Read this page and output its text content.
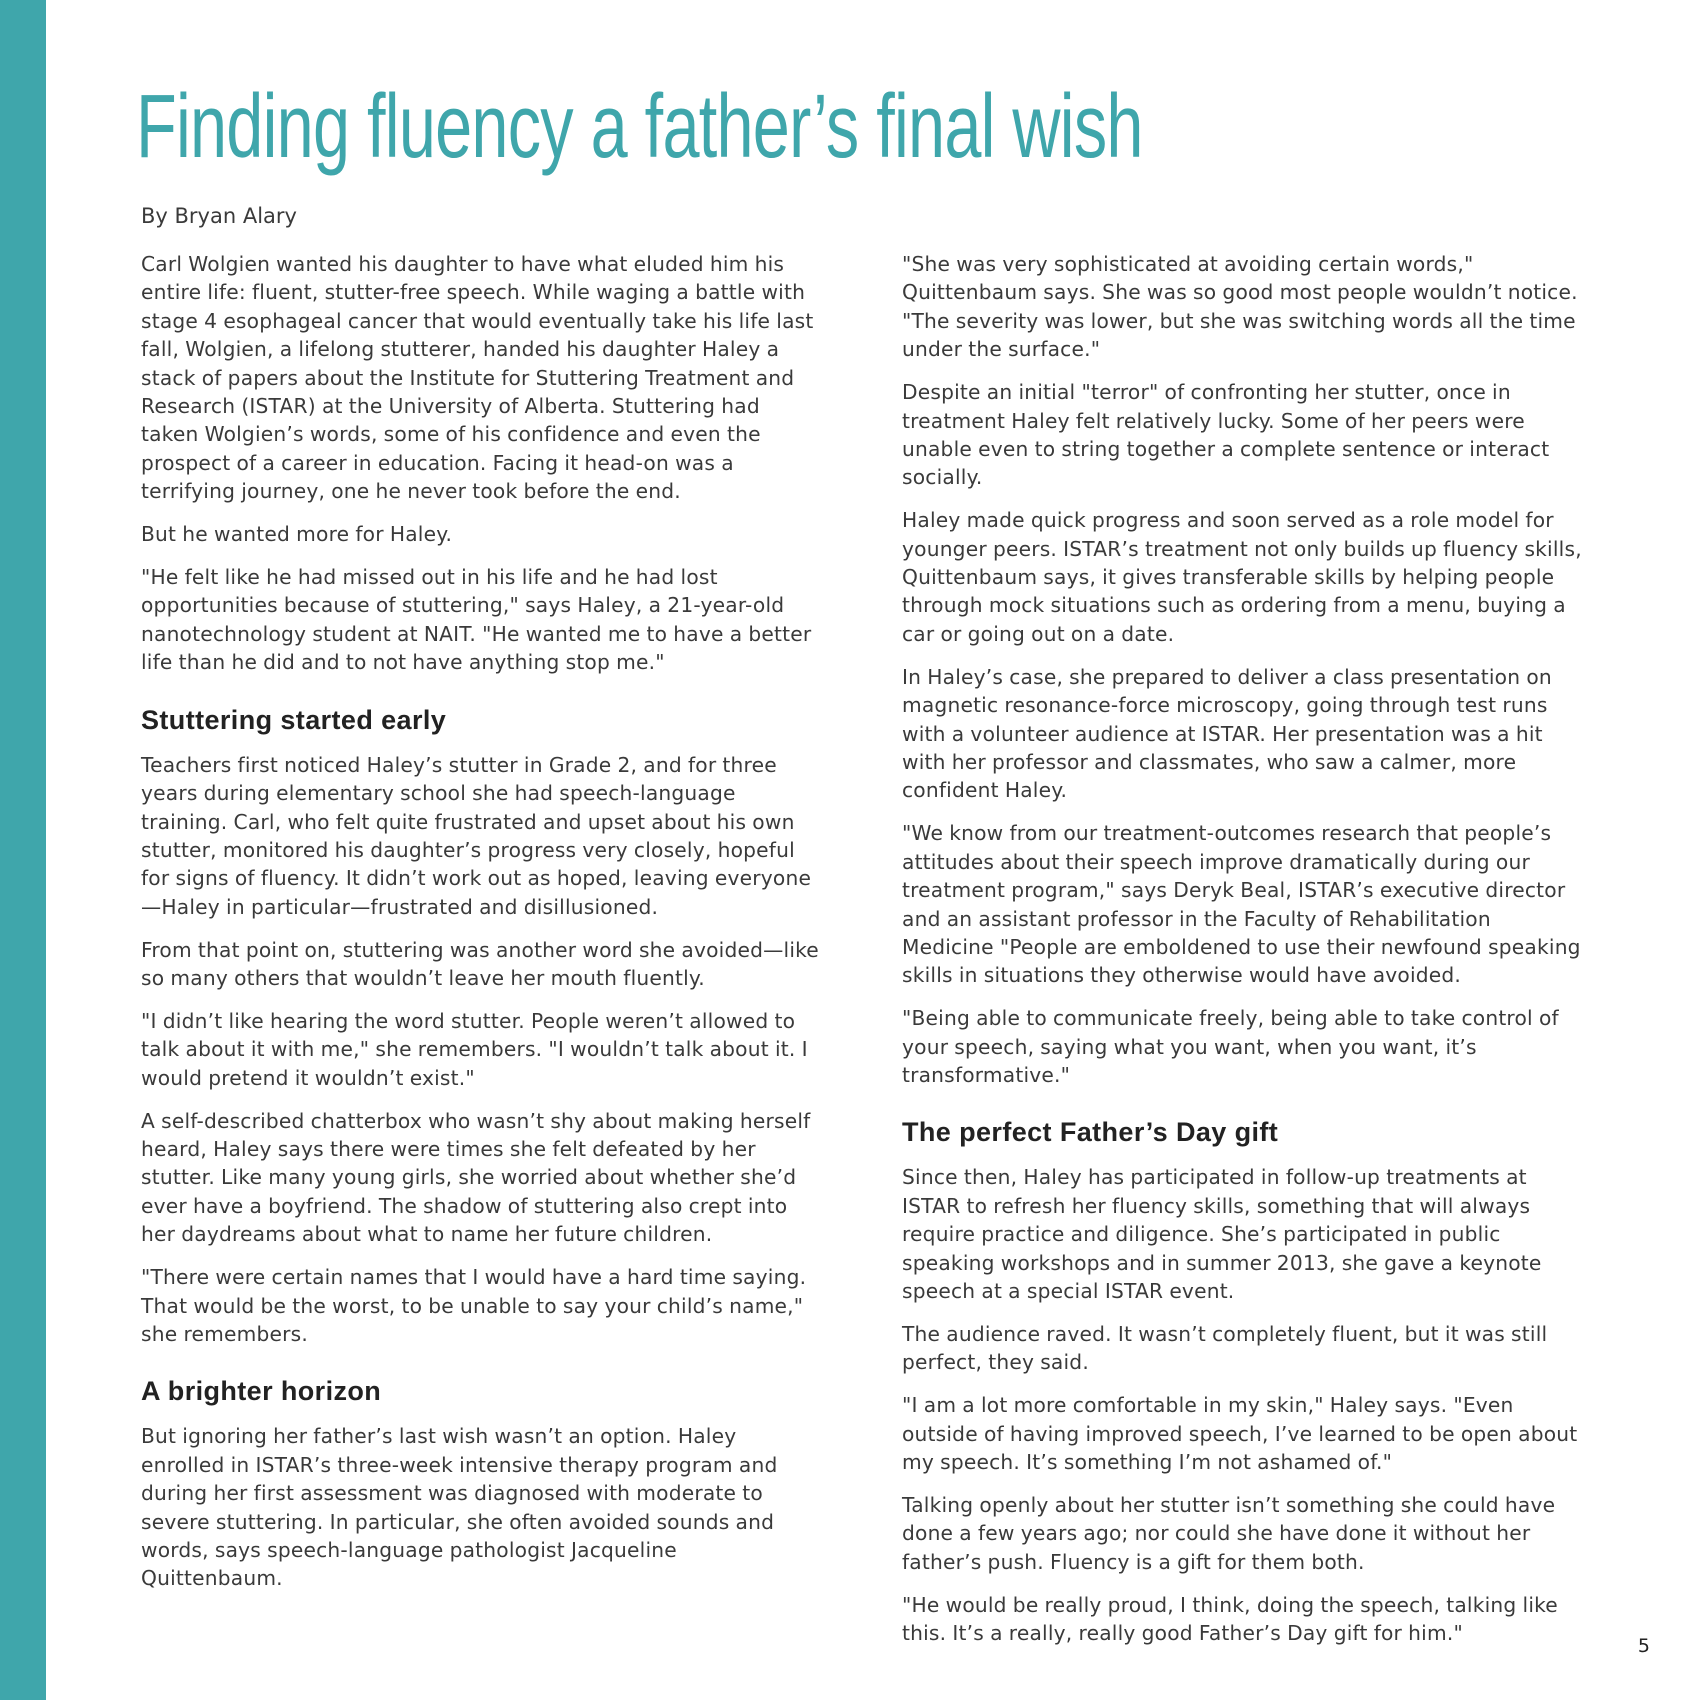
Finding fluency a father’s final wish

By Bryan Alary

Carl Wolgien wanted his daughter to have what eluded him his entire life: fluent, stutter-free speech. While waging a battle with stage 4 esophageal cancer that would eventually take his life last fall, Wolgien, a lifelong stutterer, handed his daughter Haley a stack of papers about the Institute for Stuttering Treatment and Research (ISTAR) at the University of Alberta. Stuttering had taken Wolgien’s words, some of his confidence and even the prospect of a career in education. Facing it head-on was a terrifying journey, one he never took before the end.

But he wanted more for Haley.

"He felt like he had missed out in his life and he had lost opportunities because of stuttering," says Haley, a 21-year-old nanotechnology student at NAIT. "He wanted me to have a better life than he did and to not have anything stop me."

Stuttering started early

Teachers first noticed Haley’s stutter in Grade 2, and for three years during elementary school she had speech-language training. Carl, who felt quite frustrated and upset about his own stutter, monitored his daughter’s progress very closely, hopeful for signs of fluency. It didn’t work out as hoped, leaving everyone—Haley in particular—frustrated and disillusioned.

From that point on, stuttering was another word she avoided—like so many others that wouldn’t leave her mouth fluently.

"I didn’t like hearing the word stutter. People weren’t allowed to talk about it with me," she remembers. "I wouldn’t talk about it. I would pretend it wouldn’t exist."

A self-described chatterbox who wasn’t shy about making herself heard, Haley says there were times she felt defeated by her stutter. Like many young girls, she worried about whether she’d ever have a boyfriend. The shadow of stuttering also crept into her daydreams about what to name her future children.

"There were certain names that I would have a hard time saying. That would be the worst, to be unable to say your child’s name," she remembers.

A brighter horizon

But ignoring her father’s last wish wasn’t an option. Haley enrolled in ISTAR’s three-week intensive therapy program and during her first assessment was diagnosed with moderate to severe stuttering. In particular, she often avoided sounds and words, says speech-language pathologist Jacqueline Quittenbaum.

"She was very sophisticated at avoiding certain words," Quittenbaum says. She was so good most people wouldn’t notice. "The severity was lower, but she was switching words all the time under the surface."

Despite an initial "terror" of confronting her stutter, once in treatment Haley felt relatively lucky. Some of her peers were unable even to string together a complete sentence or interact socially.

Haley made quick progress and soon served as a role model for younger peers. ISTAR’s treatment not only builds up fluency skills, Quittenbaum says, it gives transferable skills by helping people through mock situations such as ordering from a menu, buying a car or going out on a date.

In Haley’s case, she prepared to deliver a class presentation on magnetic resonance-force microscopy, going through test runs with a volunteer audience at ISTAR. Her presentation was a hit with her professor and classmates, who saw a calmer, more confident Haley.

"We know from our treatment-outcomes research that people’s attitudes about their speech improve dramatically during our treatment program," says Deryk Beal, ISTAR’s executive director and an assistant professor in the Faculty of Rehabilitation Medicine "People are emboldened to use their newfound speaking skills in situations they otherwise would have avoided.

"Being able to communicate freely, being able to take control of your speech, saying what you want, when you want, it’s transformative."

The perfect Father’s Day gift

Since then, Haley has participated in follow-up treatments at ISTAR to refresh her fluency skills, something that will always require practice and diligence. She’s participated in public speaking workshops and in summer 2013, she gave a keynote speech at a special ISTAR event.

The audience raved. It wasn’t completely fluent, but it was still perfect, they said.

"I am a lot more comfortable in my skin," Haley says. "Even outside of having improved speech, I’ve learned to be open about my speech. It’s something I’m not ashamed of."

Talking openly about her stutter isn’t something she could have done a few years ago; nor could she have done it without her father’s push. Fluency is a gift for them both.

"He would be really proud, I think, doing the speech, talking like this. It’s a really, really good Father’s Day gift for him."

5
